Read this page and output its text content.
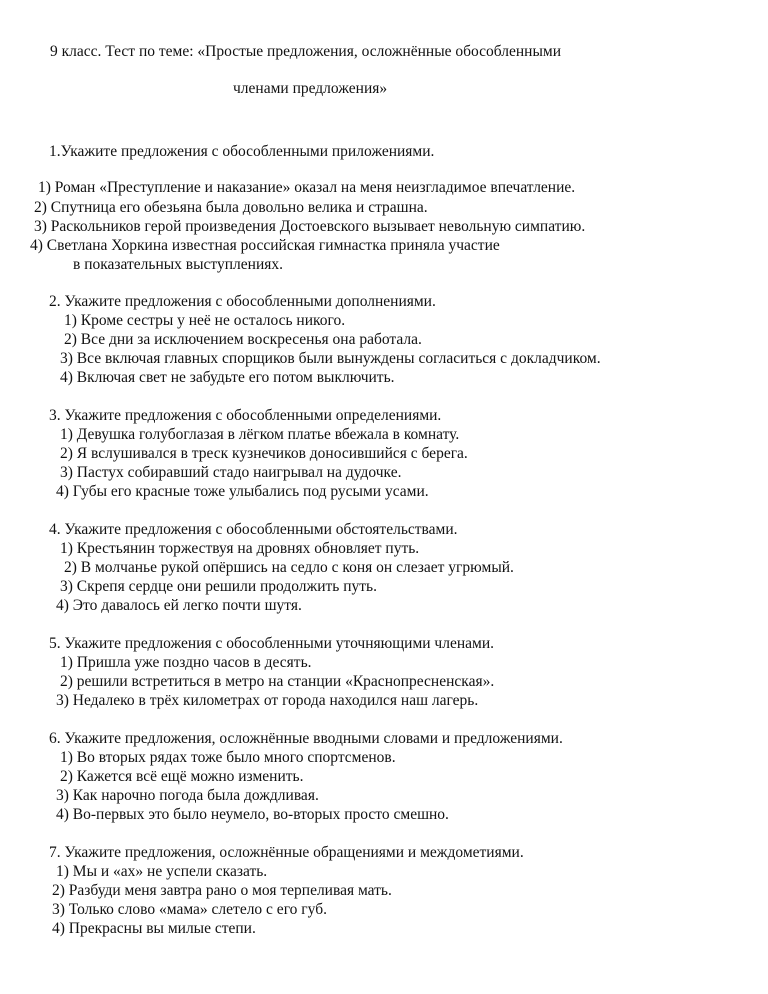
9 класс. Тест по теме: «Простые предложения, осложнённые обособленными
членами предложения»
1.Укажите предложения с обособленными приложениями.
1) Роман «Преступление и наказание» оказал на меня неизгладимое впечатление.
2) Спутница его обезьяна была довольно велика и страшна.
3) Раскольников герой произведения Достоевского вызывает невольную симпатию.
4) Светлана Хоркина известная российская гимнастка приняла участие
в показательных выступлениях.
2. Укажите предложения с обособленными дополнениями.
1) Кроме сестры у неё не осталось никого.
2) Все дни за исключением воскресенья она работала.
3) Все включая главных спорщиков были вынуждены согласиться с докладчиком.
4) Включая свет не забудьте его потом выключить.
3. Укажите предложения с обособленными определениями.
1) Девушка голубоглазая в лёгком платье вбежала в комнату.
2) Я вслушивался в треск кузнечиков доносившийся с берега.
3) Пастух собиравший стадо наигрывал на дудочке.
4) Губы его красные тоже улыбались под русыми усами.
4. Укажите предложения с обособленными обстоятельствами.
1) Крестьянин торжествуя на дровнях обновляет путь.
2) В молчанье рукой опёршись на седло с коня он слезает угрюмый.
3) Скрепя сердце они решили продолжить путь.
4) Это давалось ей легко почти шутя.
5. Укажите предложения с обособленными уточняющими членами.
1) Пришла уже поздно часов в десять.
2) решили встретиться в метро на станции «Краснопресненская».
3) Недалеко в трёх километрах от города находился наш лагерь.
6. Укажите предложения, осложнённые вводными словами и предложениями.
1) Во вторых рядах тоже было много спортсменов.
2) Кажется всё ещё можно изменить.
3) Как нарочно погода была дождливая.
4) Во-первых это было неумело, во-вторых просто смешно.
7. Укажите предложения, осложнённые обращениями и междометиями.
1) Мы и «ах» не успели сказать.
2) Разбуди меня завтра рано о моя терпеливая мать.
3) Только слово «мама» слетело с его губ.
4) Прекрасны вы милые степи.
